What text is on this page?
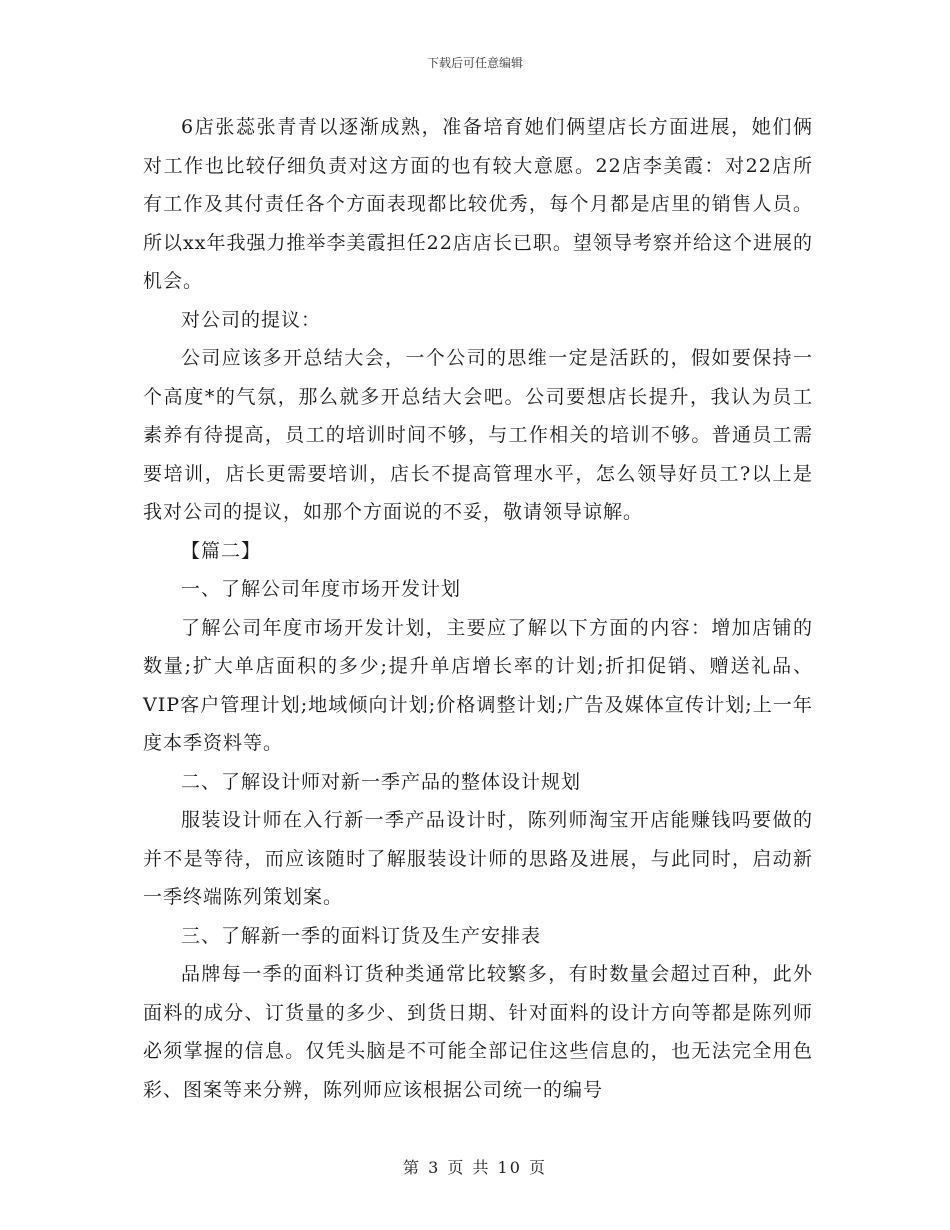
下载后可任意编辑

6店张蕊张青青以逐渐成熟，准备培育她们俩望店长方面进展，她们俩对工作也比较仔细负责对这方面的也有较大意愿。22店李美霞：对22店所有工作及其付责任各个方面表现都比较优秀，每个月都是店里的销售人员。所以xx年我强力推举李美霞担任22店店长已职。望领导考察并给这个进展的机会。

对公司的提议：

公司应该多开总结大会，一个公司的思维一定是活跃的，假如要保持一个高度*的气氛，那么就多开总结大会吧。公司要想店长提升，我认为员工素养有待提高，员工的培训时间不够，与工作相关的培训不够。普通员工需要培训，店长更需要培训，店长不提高管理水平，怎么领导好员工?以上是我对公司的提议，如那个方面说的不妥，敬请领导谅解。

【篇二】

一、了解公司年度市场开发计划

了解公司年度市场开发计划，主要应了解以下方面的内容：增加店铺的数量;扩大单店面积的多少;提升单店增长率的计划;折扣促销、赠送礼品、VIP客户管理计划;地域倾向计划;价格调整计划;广告及媒体宣传计划;上一年度本季资料等。

二、了解设计师对新一季产品的整体设计规划

服装设计师在入行新一季产品设计时，陈列师淘宝开店能赚钱吗要做的并不是等待，而应该随时了解服装设计师的思路及进展，与此同时，启动新一季终端陈列策划案。

三、了解新一季的面料订货及生产安排表

品牌每一季的面料订货种类通常比较繁多，有时数量会超过百种，此外面料的成分、订货量的多少、到货日期、针对面料的设计方向等都是陈列师必须掌握的信息。仅凭头脑是不可能全部记住这些信息的，也无法完全用色彩、图案等来分辨，陈列师应该根据公司统一的编号

第 3 页 共 10 页
